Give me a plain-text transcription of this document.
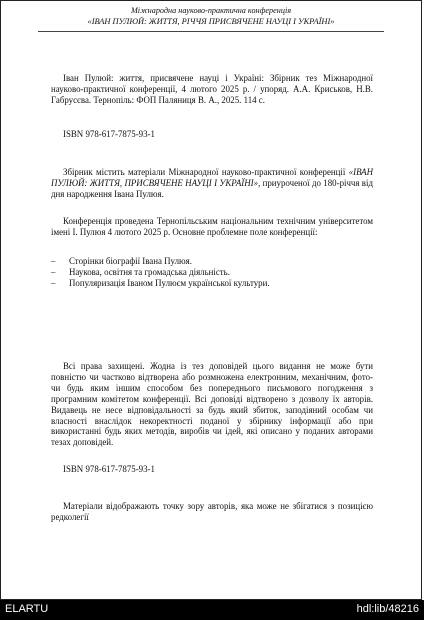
Міжнародна науково-практична конференція
«ІВАН ПУЛЮЙ: ЖИТТЯ, РІЧЧЯ ПРИСВЯЧЕНЕ НАУЦІ І УКРАЇНІ»

Іван Пулюй: життя, присвячене науці і Україні: Збірник тез Міжнародної науково-практичної конференції, 4 лютого 2025 р. / упоряд. А.А. Криськов, Н.В. Габрусєва. Тернопіль: ФОП Паляниця В. А., 2025. 114 с.

ISBN 978-617-7875-93-1

Збірник містить матеріали Міжнародної науково-практичної конференції «ІВАН ПУЛЮЙ: ЖИТТЯ, ПРИСВЯЧЕНЕ НАУЦІ І УКРАЇНІ», приуроченої до 180-річчя від дня народження Івана Пулюя.

Конференція проведена Тернопільським національним технічним університетом імені І. Пулюя 4 лютого 2025 р. Основне проблемне поле конференції:

– Сторінки біографії Івана Пулюя.
– Наукова, освітня та громадська діяльність.
– Популяризація Іваном Пулюєм української культури.

Всі права захищені. Жодна із тез доповідей цього видання не може бути повністю чи частково відтворена або розмножена електронним, механічним, фото- чи будь яким іншим способом без попереднього письмового погодження з програмним комітетом конференції. Всі доповіді відтворено з дозволу їх авторів. Видавець не несе відповідальності за будь який збиток, заподіяний особам чи власності внаслідок некоректності поданої у збірнику інформації або при використанні будь яких методів, виробів чи ідей, які описано у поданих авторами тезах доповідей.

ISBN 978-617-7875-93-1

Матеріали відображають точку зору авторів, яка може не збігатися з позицією редколегії

ELARTU	hdl:lib/48216
